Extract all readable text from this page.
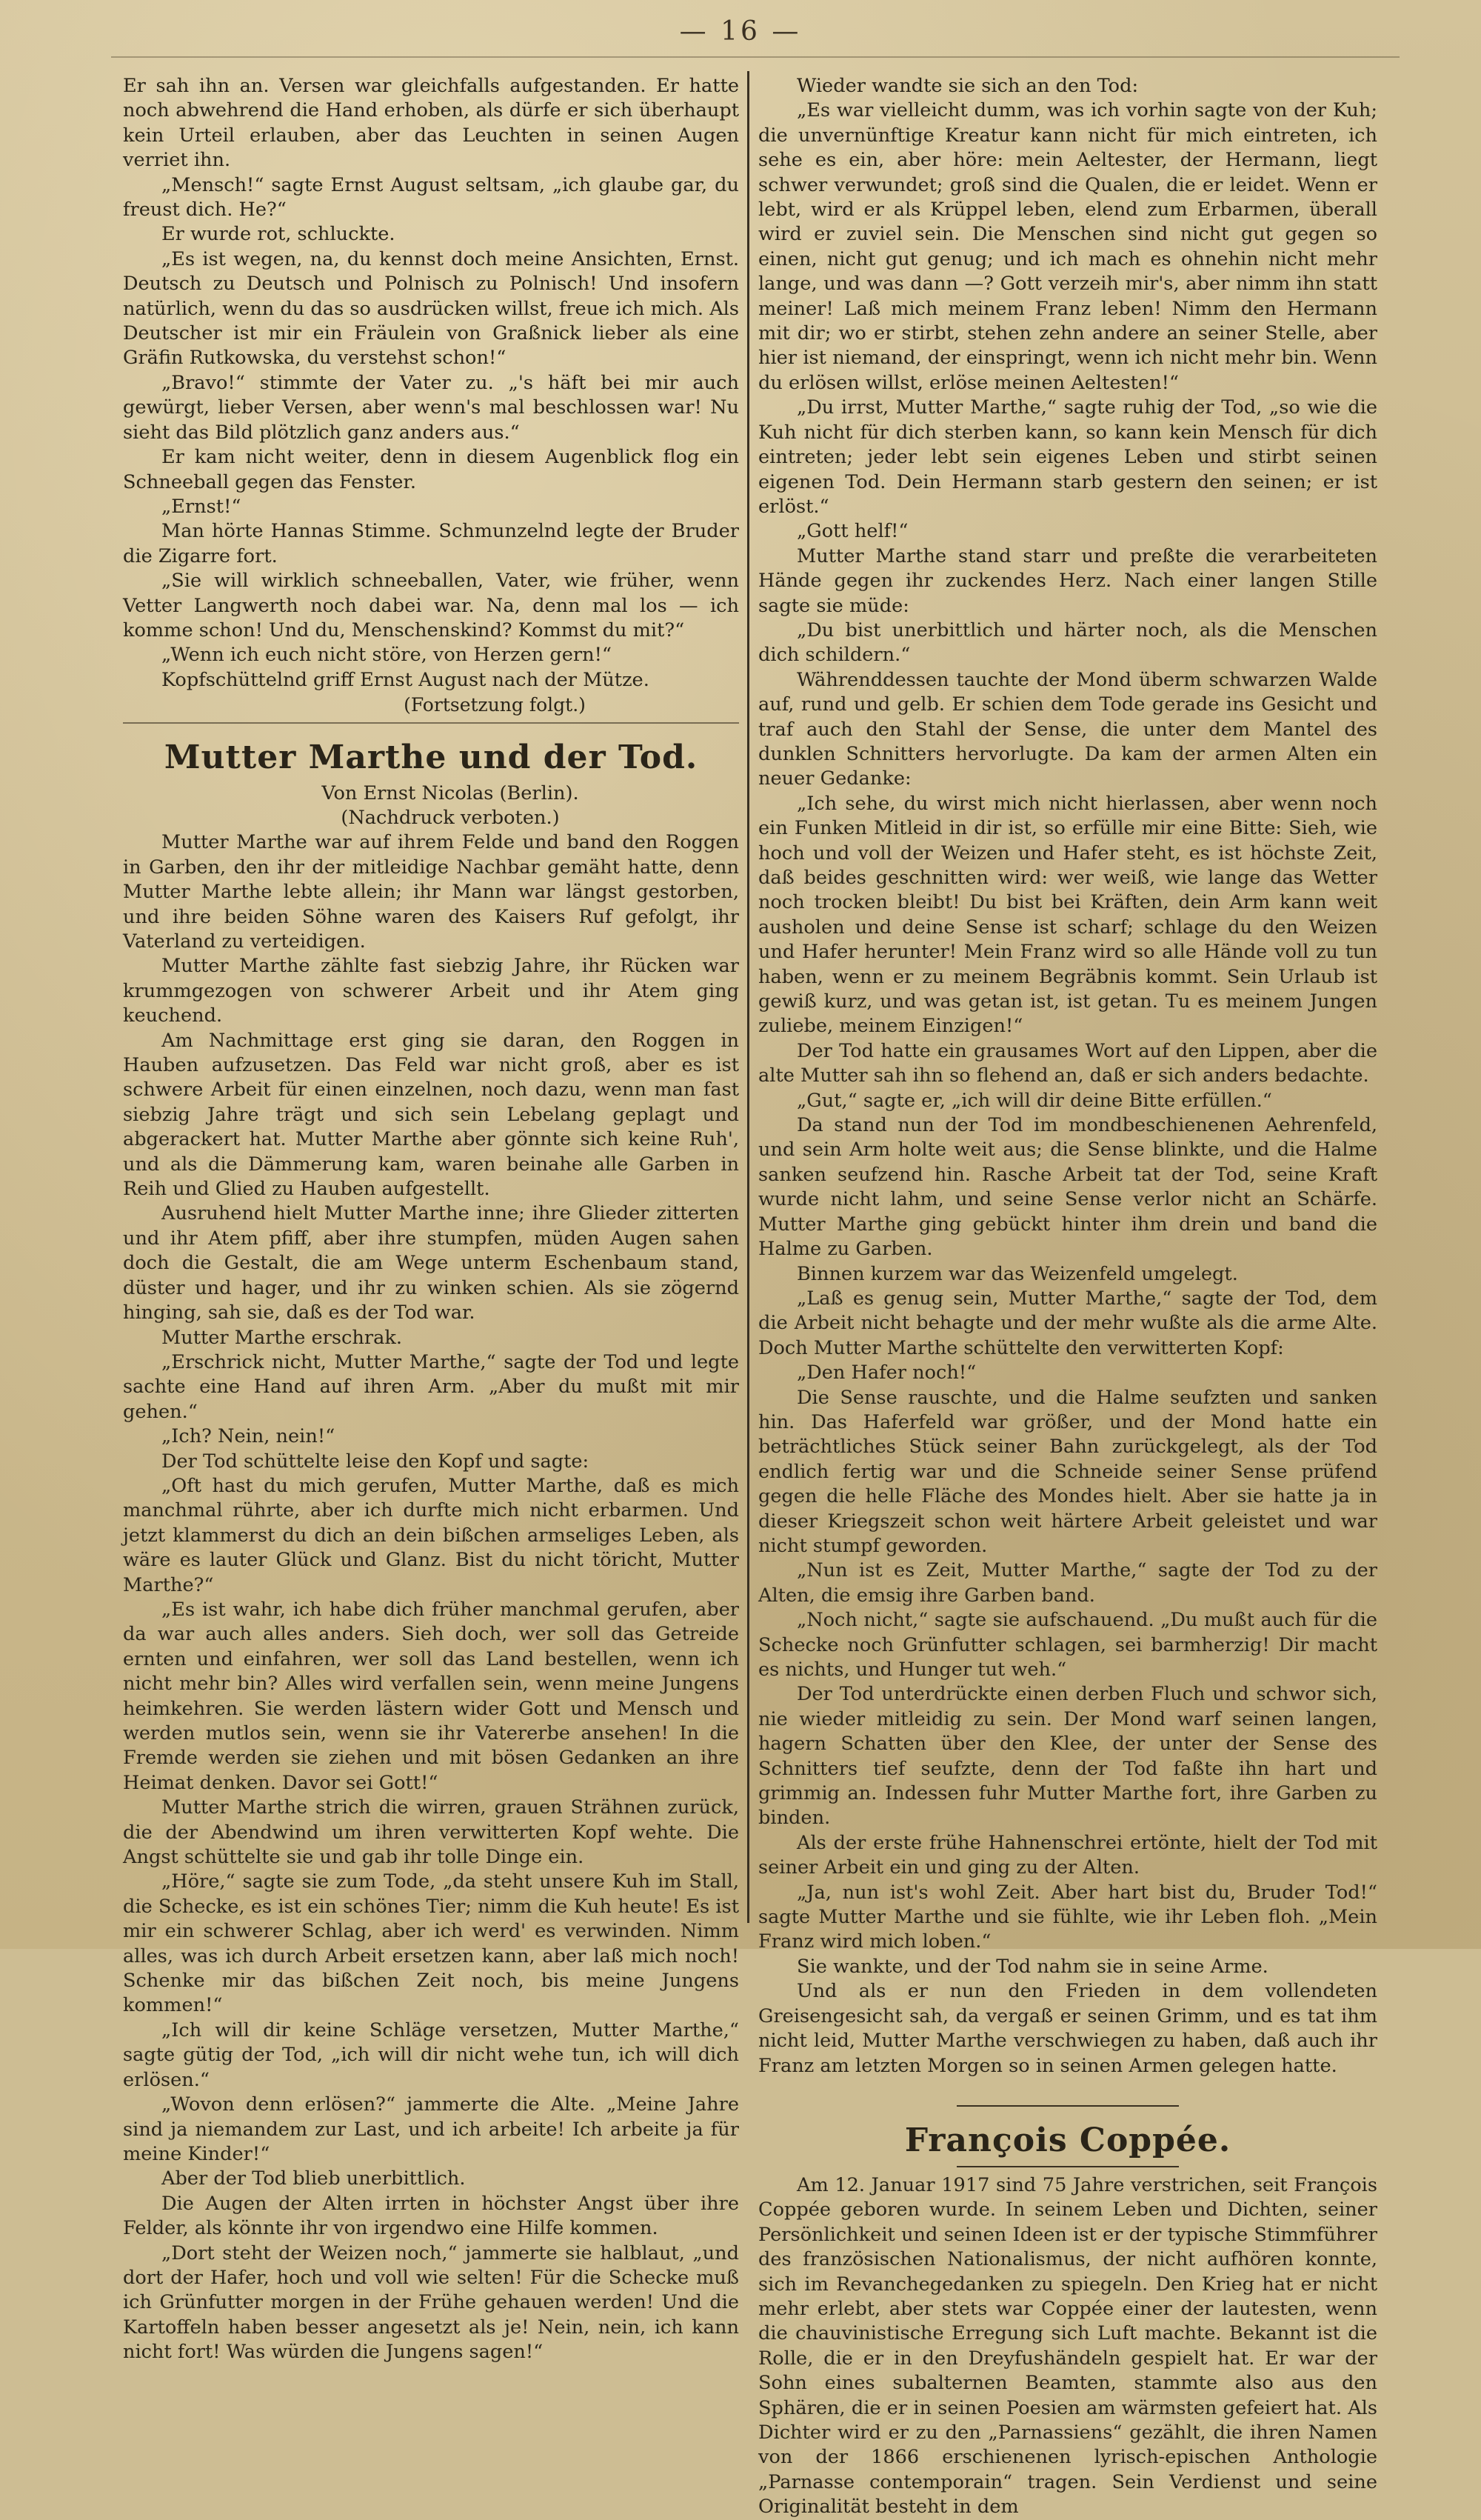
— 16 —

Er sah ihn an. Versen war gleichfalls aufgestanden. Er hatte noch abwehrend die Hand erhoben, als dürfe er sich überhaupt kein Urteil erlauben, aber das Leuchten in seinen Augen verriet ihn.

„Mensch!“ sagte Ernst August seltsam, „ich glaube gar, du freust dich. He?“

Er wurde rot, schluckte.

„Es ist wegen, na, du kennst doch meine Ansichten, Ernst. Deutsch zu Deutsch und Polnisch zu Polnisch! Und insofern natürlich, wenn du das so ausdrücken willst, freue ich mich. Als Deutscher ist mir ein Fräulein von Graßnick lieber als eine Gräfin Rutkowska, du verstehst schon!“

„Bravo!“ stimmte der Vater zu. „'s häft bei mir auch gewürgt, lieber Versen, aber wenn's mal beschlossen war! Nu sieht das Bild plötzlich ganz anders aus.“

Er kam nicht weiter, denn in diesem Augenblick flog ein Schneeball gegen das Fenster.

„Ernst!“

Man hörte Hannas Stimme. Schmunzelnd legte der Bruder die Zigarre fort.

„Sie will wirklich schneeballen, Vater, wie früher, wenn Vetter Langwerth noch dabei war. Na, denn mal los — ich komme schon! Und du, Menschenskind? Kommst du mit?“

„Wenn ich euch nicht störe, von Herzen gern!“

Kopfschüttelnd griff Ernst August nach der Mütze.

(Fortsetzung folgt.)

Mutter Marthe und der Tod.

Von Ernst Nicolas (Berlin).

(Nachdruck verboten.)

Mutter Marthe war auf ihrem Felde und band den Roggen in Garben, den ihr der mitleidige Nachbar gemäht hatte, denn Mutter Marthe lebte allein; ihr Mann war längst gestorben, und ihre beiden Söhne waren des Kaisers Ruf gefolgt, ihr Vaterland zu verteidigen.

Mutter Marthe zählte fast siebzig Jahre, ihr Rücken war krummgezogen von schwerer Arbeit und ihr Atem ging keuchend.

Am Nachmittage erst ging sie daran, den Roggen in Hauben aufzusetzen. Das Feld war nicht groß, aber es ist schwere Arbeit für einen einzelnen, noch dazu, wenn man fast siebzig Jahre trägt und sich sein Lebelang geplagt und abgerackert hat. Mutter Marthe aber gönnte sich keine Ruh', und als die Dämmerung kam, waren beinahe alle Garben in Reih und Glied zu Hauben aufgestellt.

Ausruhend hielt Mutter Marthe inne; ihre Glieder zitterten und ihr Atem pfiff, aber ihre stumpfen, müden Augen sahen doch die Gestalt, die am Wege unterm Eschenbaum stand, düster und hager, und ihr zu winken schien. Als sie zögernd hinging, sah sie, daß es der Tod war.

Mutter Marthe erschrak.

„Erschrick nicht, Mutter Marthe,“ sagte der Tod und legte sachte eine Hand auf ihren Arm. „Aber du mußt mit mir gehen.“

„Ich? Nein, nein!“

Der Tod schüttelte leise den Kopf und sagte:

„Oft hast du mich gerufen, Mutter Marthe, daß es mich manchmal rührte, aber ich durfte mich nicht erbarmen. Und jetzt klammerst du dich an dein bißchen armseliges Leben, als wäre es lauter Glück und Glanz. Bist du nicht töricht, Mutter Marthe?“

„Es ist wahr, ich habe dich früher manchmal gerufen, aber da war auch alles anders. Sieh doch, wer soll das Getreide ernten und einfahren, wer soll das Land bestellen, wenn ich nicht mehr bin? Alles wird verfallen sein, wenn meine Jungens heimkehren. Sie werden lästern wider Gott und Mensch und werden mutlos sein, wenn sie ihr Vatererbe ansehen! In die Fremde werden sie ziehen und mit bösen Gedanken an ihre Heimat denken. Davor sei Gott!“

Mutter Marthe strich die wirren, grauen Strähnen zurück, die der Abendwind um ihren verwitterten Kopf wehte. Die Angst schüttelte sie und gab ihr tolle Dinge ein.

„Höre,“ sagte sie zum Tode, „da steht unsere Kuh im Stall, die Schecke, es ist ein schönes Tier; nimm die Kuh heute! Es ist mir ein schwerer Schlag, aber ich werd' es verwinden. Nimm alles, was ich durch Arbeit ersetzen kann, aber laß mich noch! Schenke mir das bißchen Zeit noch, bis meine Jungens kommen!“

„Ich will dir keine Schläge versetzen, Mutter Marthe,“ sagte gütig der Tod, „ich will dir nicht wehe tun, ich will dich erlösen.“

„Wovon denn erlösen?“ jammerte die Alte. „Meine Jahre sind ja niemandem zur Last, und ich arbeite! Ich arbeite ja für meine Kinder!“

Aber der Tod blieb unerbittlich.

Die Augen der Alten irrten in höchster Angst über ihre Felder, als könnte ihr von irgendwo eine Hilfe kommen.

„Dort steht der Weizen noch,“ jammerte sie halblaut, „und dort der Hafer, hoch und voll wie selten! Für die Schecke muß ich Grünfutter morgen in der Frühe gehauen werden! Und die Kartoffeln haben besser angesetzt als je! Nein, nein, ich kann nicht fort! Was würden die Jungens sagen!“

Wieder wandte sie sich an den Tod:

„Es war vielleicht dumm, was ich vorhin sagte von der Kuh; die unvernünftige Kreatur kann nicht für mich eintreten, ich sehe es ein, aber höre: mein Aeltester, der Hermann, liegt schwer verwundet; groß sind die Qualen, die er leidet. Wenn er lebt, wird er als Krüppel leben, elend zum Erbarmen, überall wird er zuviel sein. Die Menschen sind nicht gut gegen so einen, nicht gut genug; und ich mach es ohnehin nicht mehr lange, und was dann —? Gott verzeih mir's, aber nimm ihn statt meiner! Laß mich meinem Franz leben! Nimm den Hermann mit dir; wo er stirbt, stehen zehn andere an seiner Stelle, aber hier ist niemand, der einspringt, wenn ich nicht mehr bin. Wenn du erlösen willst, erlöse meinen Aeltesten!“

„Du irrst, Mutter Marthe,“ sagte ruhig der Tod, „so wie die Kuh nicht für dich sterben kann, so kann kein Mensch für dich eintreten; jeder lebt sein eigenes Leben und stirbt seinen eigenen Tod. Dein Hermann starb gestern den seinen; er ist erlöst.“

„Gott helf!“

Mutter Marthe stand starr und preßte die verarbeiteten Hände gegen ihr zuckendes Herz. Nach einer langen Stille sagte sie müde:

„Du bist unerbittlich und härter noch, als die Menschen dich schildern.“

Währenddessen tauchte der Mond überm schwarzen Walde auf, rund und gelb. Er schien dem Tode gerade ins Gesicht und traf auch den Stahl der Sense, die unter dem Mantel des dunklen Schnitters hervorlugte. Da kam der armen Alten ein neuer Gedanke:

„Ich sehe, du wirst mich nicht hierlassen, aber wenn noch ein Funken Mitleid in dir ist, so erfülle mir eine Bitte: Sieh, wie hoch und voll der Weizen und Hafer steht, es ist höchste Zeit, daß beides geschnitten wird: wer weiß, wie lange das Wetter noch trocken bleibt! Du bist bei Kräften, dein Arm kann weit ausholen und deine Sense ist scharf; schlage du den Weizen und Hafer herunter! Mein Franz wird so alle Hände voll zu tun haben, wenn er zu meinem Begräbnis kommt. Sein Urlaub ist gewiß kurz, und was getan ist, ist getan. Tu es meinem Jungen zuliebe, meinem Einzigen!“

Der Tod hatte ein grausames Wort auf den Lippen, aber die alte Mutter sah ihn so flehend an, daß er sich anders bedachte.

„Gut,“ sagte er, „ich will dir deine Bitte erfüllen.“

Da stand nun der Tod im mondbeschienenen Aehrenfeld, und sein Arm holte weit aus; die Sense blinkte, und die Halme sanken seufzend hin. Rasche Arbeit tat der Tod, seine Kraft wurde nicht lahm, und seine Sense verlor nicht an Schärfe. Mutter Marthe ging gebückt hinter ihm drein und band die Halme zu Garben.

Binnen kurzem war das Weizenfeld umgelegt.

„Laß es genug sein, Mutter Marthe,“ sagte der Tod, dem die Arbeit nicht behagte und der mehr wußte als die arme Alte. Doch Mutter Marthe schüttelte den verwitterten Kopf:

„Den Hafer noch!“

Die Sense rauschte, und die Halme seufzten und sanken hin. Das Haferfeld war größer, und der Mond hatte ein beträchtliches Stück seiner Bahn zurückgelegt, als der Tod endlich fertig war und die Schneide seiner Sense prüfend gegen die helle Fläche des Mondes hielt. Aber sie hatte ja in dieser Kriegszeit schon weit härtere Arbeit geleistet und war nicht stumpf geworden.

„Nun ist es Zeit, Mutter Marthe,“ sagte der Tod zu der Alten, die emsig ihre Garben band.

„Noch nicht,“ sagte sie aufschauend. „Du mußt auch für die Schecke noch Grünfutter schlagen, sei barmherzig! Dir macht es nichts, und Hunger tut weh.“

Der Tod unterdrückte einen derben Fluch und schwor sich, nie wieder mitleidig zu sein. Der Mond warf seinen langen, hagern Schatten über den Klee, der unter der Sense des Schnitters tief seufzte, denn der Tod faßte ihn hart und grimmig an. Indessen fuhr Mutter Marthe fort, ihre Garben zu binden.

Als der erste frühe Hahnenschrei ertönte, hielt der Tod mit seiner Arbeit ein und ging zu der Alten.

„Ja, nun ist's wohl Zeit. Aber hart bist du, Bruder Tod!“ sagte Mutter Marthe und sie fühlte, wie ihr Leben floh. „Mein Franz wird mich loben.“

Sie wankte, und der Tod nahm sie in seine Arme.

Und als er nun den Frieden in dem vollendeten Greisengesicht sah, da vergaß er seinen Grimm, und es tat ihm nicht leid, Mutter Marthe verschwiegen zu haben, daß auch ihr Franz am letzten Morgen so in seinen Armen gelegen hatte.

François Coppée.

Am 12. Januar 1917 sind 75 Jahre verstrichen, seit François Coppée geboren wurde. In seinem Leben und Dichten, seiner Persönlichkeit und seinen Ideen ist er der typische Stimmführer des französischen Nationalismus, der nicht aufhören konnte, sich im Revanchegedanken zu spiegeln. Den Krieg hat er nicht mehr erlebt, aber stets war Coppée einer der lautesten, wenn die chauvinistische Erregung sich Luft machte. Bekannt ist die Rolle, die er in den Dreyfushändeln gespielt hat. Er war der Sohn eines subalternen Beamten, stammte also aus den Sphären, die er in seinen Poesien am wärmsten gefeiert hat. Als Dichter wird er zu den „Parnassiens“ gezählt, die ihren Namen von der 1866 erschienenen lyrisch-epischen Anthologie „Parnasse contemporain“ tragen. Sein Verdienst und seine Originalität besteht in dem
